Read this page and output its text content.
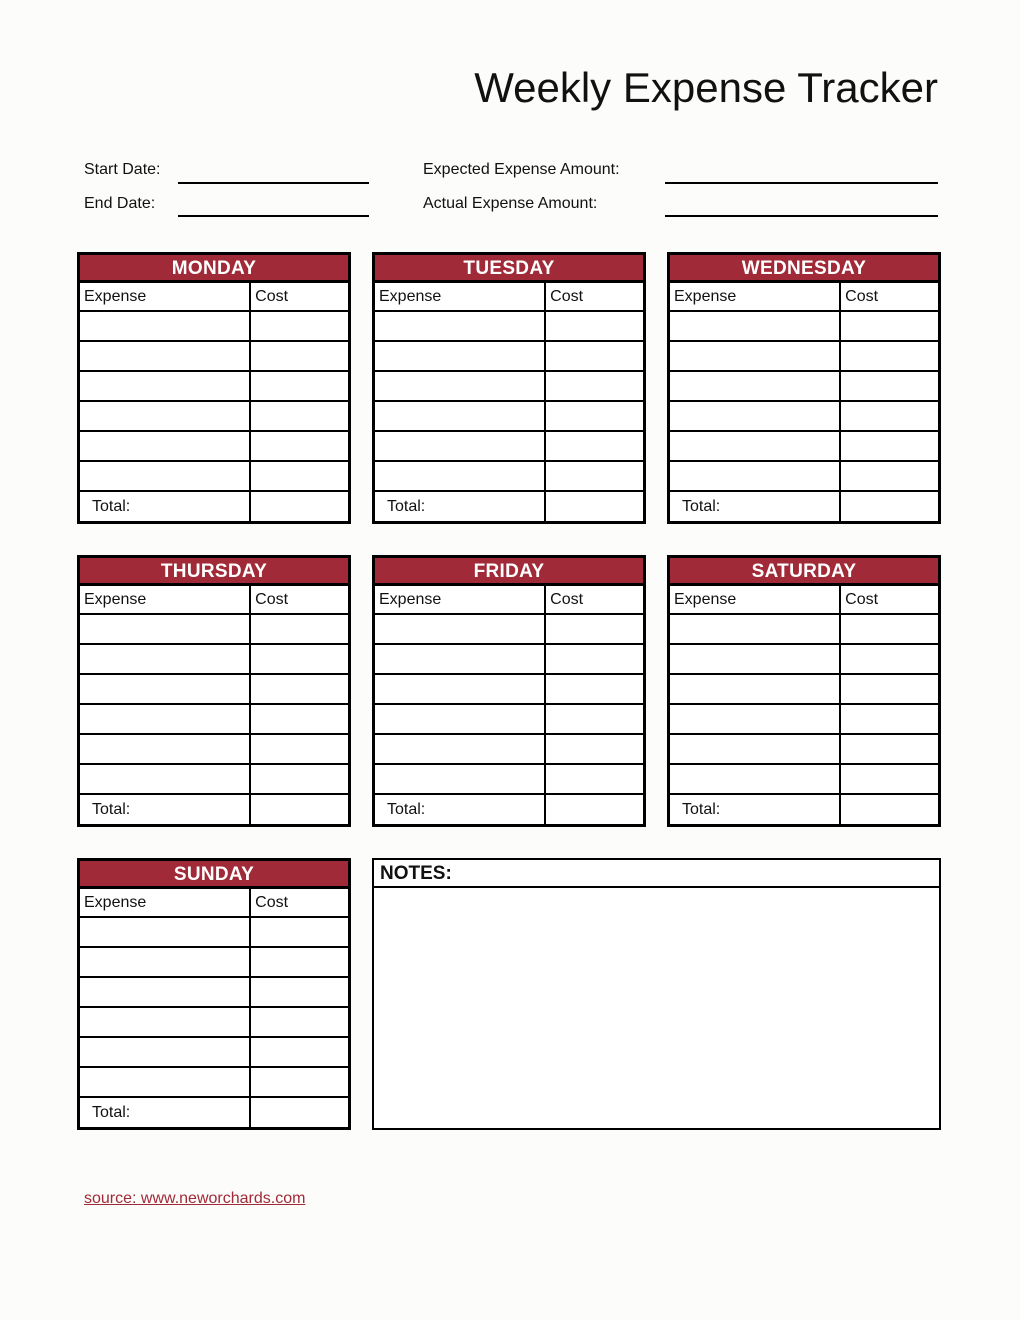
Weekly Expense Tracker
Start Date:
End Date:
Expected Expense Amount:
Actual Expense Amount:
MONDAY
Expense	Cost

Total:	
TUESDAY
Expense	Cost

Total:	
WEDNESDAY
Expense	Cost

Total:	
THURSDAY
Expense	Cost

Total:	
FRIDAY
Expense	Cost

Total:	
SATURDAY
Expense	Cost

Total:	
SUNDAY
Expense	Cost

Total:	
NOTES:
source: www.neworchards.com
